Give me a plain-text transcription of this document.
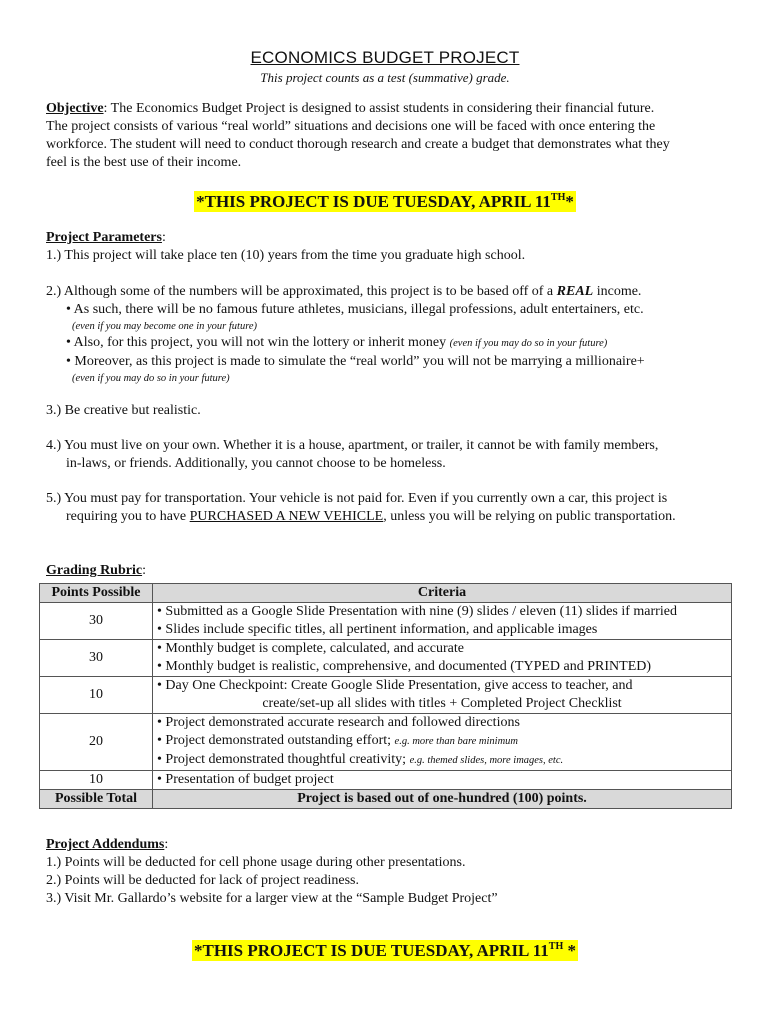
ECONOMICS BUDGET PROJECT
This project counts as a test (summative) grade.
Objective: The Economics Budget Project is designed to assist students in considering their financial future.
The project consists of various “real world” situations and decisions one will be faced with once entering the
workforce. The student will need to conduct thorough research and create a budget that demonstrates what they
feel is the best use of their income.
*THIS PROJECT IS DUE TUESDAY, APRIL 11TH*
Project Parameters:
1.) This project will take place ten (10) years from the time you graduate high school.
2.) Although some of the numbers will be approximated, this project is to be based off of a REAL income.
• As such, there will be no famous future athletes, musicians, illegal professions, adult entertainers, etc.
(even if you may become one in your future)
• Also, for this project, you will not win the lottery or inherit money (even if you may do so in your future)
• Moreover, as this project is made to simulate the “real world” you will not be marrying a millionaire+
(even if you may do so in your future)
3.) Be creative but realistic.
4.) You must live on your own. Whether it is a house, apartment, or trailer, it cannot be with family members,
in-laws, or friends. Additionally, you cannot choose to be homeless.
5.) You must pay for transportation. Your vehicle is not paid for. Even if you currently own a car, this project is
requiring you to have PURCHASED A NEW VEHICLE, unless you will be relying on public transportation.
Grading Rubric:
Points Possible	Criteria
30	• Submitted as a Google Slide Presentation with nine (9) slides / eleven (11) slides if married
• Slides include specific titles, all pertinent information, and applicable images

30	• Monthly budget is complete, calculated, and accurate
• Monthly budget is realistic, comprehensive, and documented (TYPED and PRINTED)

10	• Day One Checkpoint: Create Google Slide Presentation, give access to teacher, and
create/set-up all slides with titles + Completed Project Checklist

20	• Project demonstrated accurate research and followed directions
• Project demonstrated outstanding effort; e.g. more than bare minimum
• Project demonstrated thoughtful creativity; e.g. themed slides, more images, etc.

10	• Presentation of budget project

Possible Total	Project is based out of one-hundred (100) points.
Project Addendums:
1.) Points will be deducted for cell phone usage during other presentations.
2.) Points will be deducted for lack of project readiness.
3.) Visit Mr. Gallardo’s website for a larger view at the “Sample Budget Project”
*THIS PROJECT IS DUE TUESDAY, APRIL 11TH *
